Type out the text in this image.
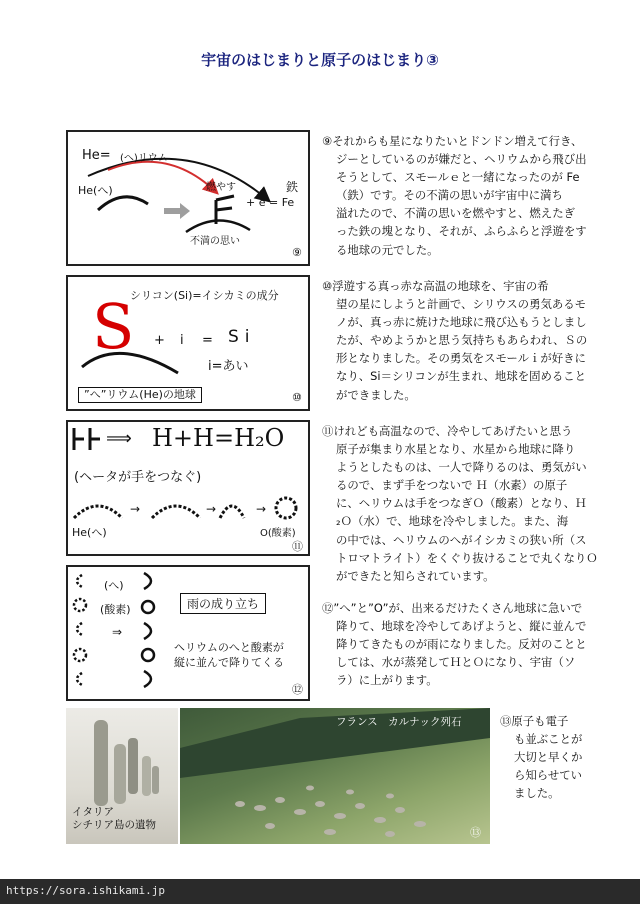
宇宙のはじまりと原子のはじまり③
He= (へ)リウム
He(へ)	燃やす	鉄
+ e = Fe
不満の思い
⑨
シリコン(Si)=イシカミの成分
S + i = Si
i=あい
”へ”リウム(He)の地球	⑩
⟹ H+H=H₂O
(ヘータが手をつなぐ)
→	→	→
He(へ)	O(酸素)
⑪
(へ)
(酸素)
⇒
雨の成り立ち
ヘリウムのへと酸素が
縦に並んで降りてくる
⑫
⑨それからも星になりたいとドンドン増えて行き、
ジーとしているのが嫌だと、ヘリウムから飛び出
そうとして、スモールｅと一緒になったのが Fe
（鉄）です。その不満の思いが宇宙中に満ち
溢れたので、不満の思いを燃やすと、燃えたぎ
った鉄の塊となり、それが、ふらふらと浮遊をす
る地球の元でした。
⑩浮遊する真っ赤な高温の地球を、宇宙の希
望の星にしようと計画で、シリウスの勇気あるモ
ノが、真っ赤に焼けた地球に飛び込もうとしまし
たが、やめようかと思う気持ちもあらわれ、Ｓの
形となりました。その勇気をスモールｉが好きに
なり、Si＝シリコンが生まれ、地球を固めること
ができました。
⑪けれども高温なので、冷やしてあげたいと思う
原子が集まり水星となり、水星から地球に降り
ようとしたものは、一人で降りるのは、勇気がい
るので、まず手をつないで Ｈ（水素）の原子
に、ヘリウムは手をつなぎＯ（酸素）となり、Ｈ
₂Ｏ（水）で、地球を冷やしました。また、海
の中では、ヘリウムのへがイシカミの狭い所（ス
トロマトライト）をくぐり抜けることで丸くなりＯ
ができたと知らされています。
⑫”へ”と”O”が、出来るだけたくさん地球に急いで
降りて、地球を冷やしてあげようと、縦に並んで
降りてきたものが雨になりました。反対のことと
しては、水が蒸発してＨとＯになり、宇宙（ソ
ラ）に上がります。
イタリア
シチリア島の遺物
フランス　カルナック列石
⑬
⑬原子も電子
も並ぶことが
大切と早くか
ら知らせてい
ました。
https://sora.ishikami.jp
